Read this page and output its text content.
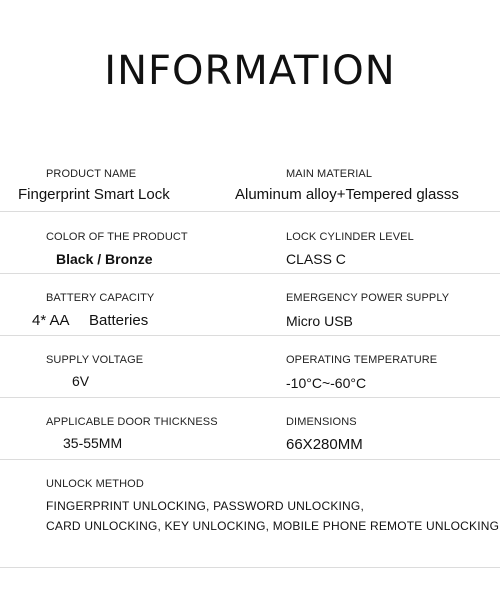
INFORMATION
PRODUCT NAME
Fingerprint Smart Lock
MAIN MATERIAL
Aluminum alloy+Tempered glasss
COLOR OF THE PRODUCT
Black / Bronze
LOCK CYLINDER LEVEL
CLASS C
BATTERY CAPACITY
4* AA Batteries
EMERGENCY POWER SUPPLY
Micro USB
SUPPLY VOLTAGE
6V
OPERATING TEMPERATURE
-10°C~-60°C
APPLICABLE DOOR THICKNESS
35-55MM
DIMENSIONS
66X280MM
UNLOCK METHOD
FINGERPRINT UNLOCKING, PASSWORD UNLOCKING,
CARD UNLOCKING, KEY UNLOCKING, MOBILE PHONE REMOTE UNLOCKING
